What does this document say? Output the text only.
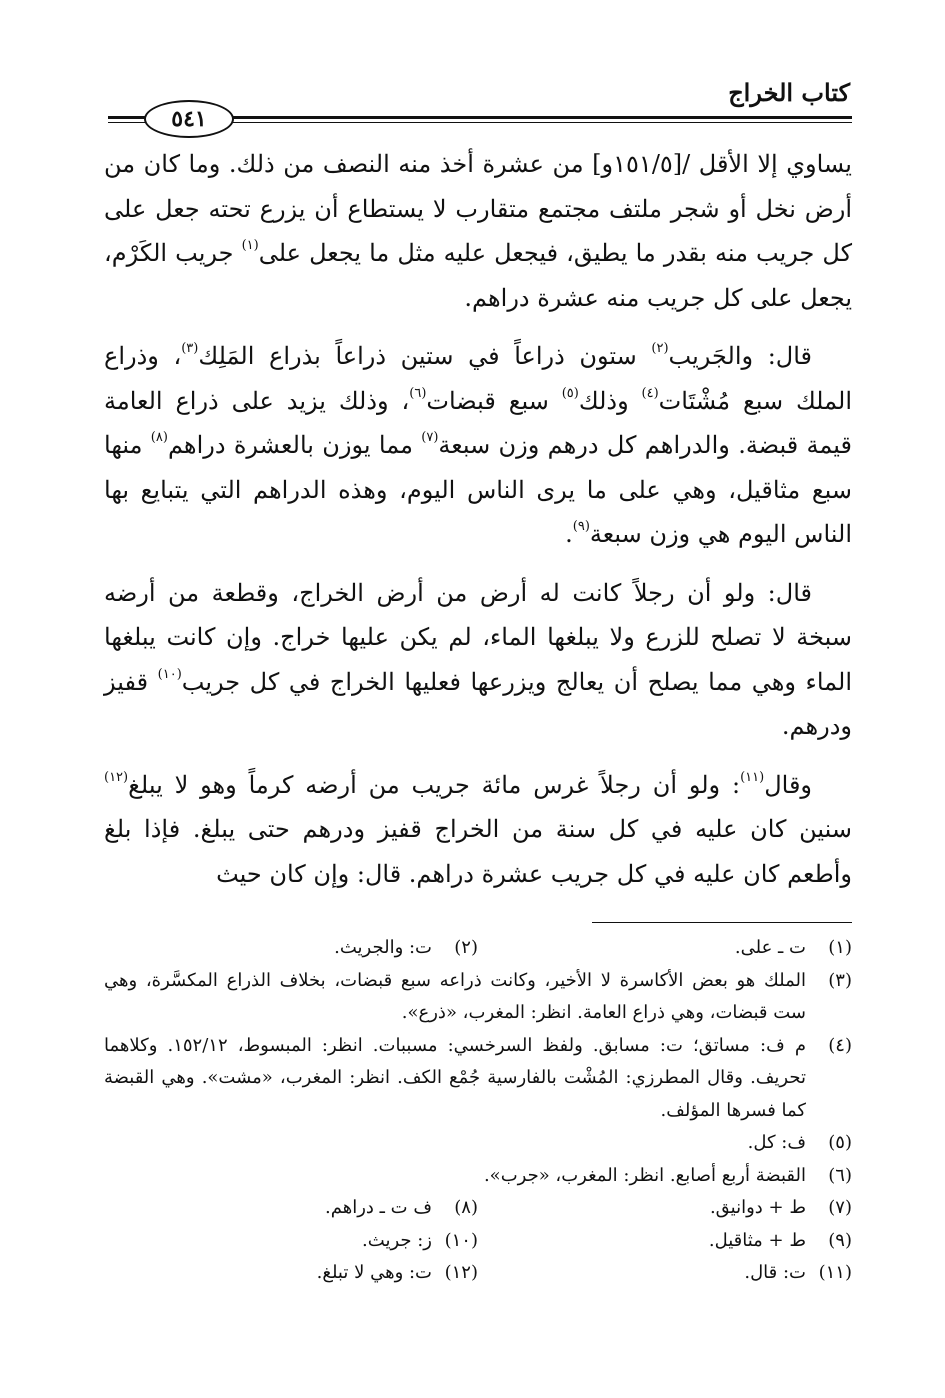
كتاب الخراج
٥٤١

يساوي إلا الأقل /[١٥١/٥و] من عشرة أخذ منه النصف من ذلك. وما كان من أرض نخل أو شجر ملتف مجتمع متقارب لا يستطاع أن يزرع تحته جعل على كل جريب منه بقدر ما يطيق، فيجعل عليه مثل ما يجعل على$^{(١)}$ جريب الكَرْم، يجعل على كل جريب منه عشرة دراهم.

قال: والجَريب$^{(٢)}$ ستون ذراعاً في ستين ذراعاً بذراع المَلِك$^{(٣)}$، وذراع الملك سبع مُشْتَات$^{(٤)}$ وذلك$^{(٥)}$ سبع قبضات$^{(٦)}$، وذلك يزيد على ذراع العامة قيمة قبضة. والدراهم كل درهم وزن سبعة$^{(٧)}$ مما يوزن بالعشرة دراهم$^{(٨)}$ منها سبع مثاقيل، وهي على ما يرى الناس اليوم، وهذه الدراهم التي يتبايع بها الناس اليوم هي وزن سبعة$^{(٩)}$.

قال: ولو أن رجلاً كانت له أرض من أرض الخراج، وقطعة من أرضه سبخة لا تصلح للزرع ولا يبلغها الماء، لم يكن عليها خراج. وإن كانت يبلغها الماء وهي مما يصلح أن يعالج ويزرعها فعليها الخراج في كل جريب$^{(١٠)}$ قفيز ودرهم.

وقال$^{(١١)}$: ولو أن رجلاً غرس مائة جريب من أرضه كرماً وهو لا يبلغ$^{(١٢)}$ سنين كان عليه في كل سنة من الخراج قفيز ودرهم حتى يبلغ. فإذا بلغ وأطعم كان عليه في كل جريب عشرة دراهم. قال: وإن كان حيث

(١)
ت ـ على.
(٢)
ت: والجريث.
(٣)
الملك هو بعض الأكاسرة لا الأخير، وكانت ذراعه سبع قبضات، بخلاف الذراع المكسَّرة، وهي ست قبضات، وهي ذراع العامة. انظر: المغرب، «ذرع».
(٤)
م ف: مساتق؛ ت: مسابق. ولفظ السرخسي: مسببات. انظر: المبسوط، ١٥٢/١٢. وكلاهما تحريف. وقال المطرزي: المُشْت بالفارسية جُمْع الكف. انظر: المغرب، «مشت». وهي القبضة كما فسرها المؤلف.
(٥)
ف: كل.
(٦)
القبضة أربع أصابع. انظر: المغرب، «جرب».
(٧)
ط + دوانيق.
(٨)
ف ت ـ دراهم.
(٩)
ط + مثاقيل.
(١٠)
ز: جريث.
(١١)
ت: قال.
(١٢)
ت: وهي لا تبلغ.
